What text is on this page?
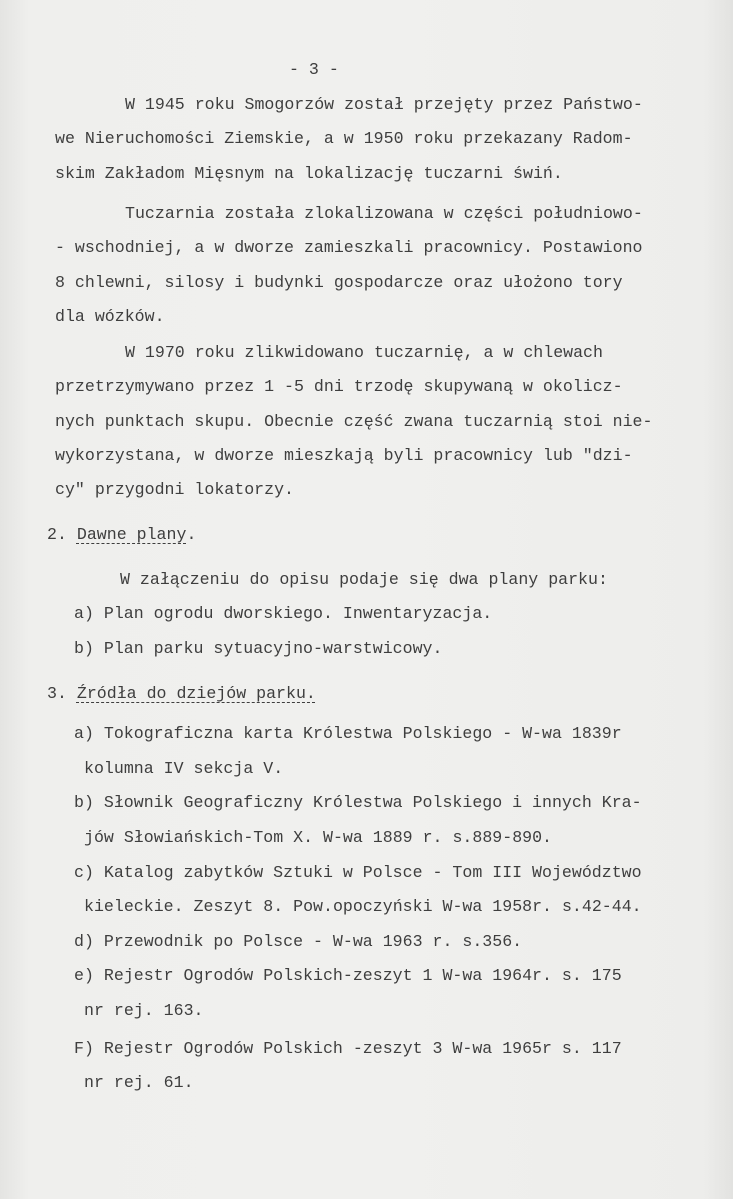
- 3 -
W 1945 roku Smogorzów został przejęty przez Państwo-
we Nieruchomości Ziemskie, a w 1950 roku przekazany Radom-
skim Zakładom Mięsnym na lokalizację tuczarni świń.
Tuczarnia została zlokalizowana w części południowo-
- wschodniej, a w dworze zamieszkali pracownicy. Postawiono
8 chlewni, silosy i budynki gospodarcze oraz ułożono tory
dla wózków.
W 1970 roku zlikwidowano tuczarnię, a w chlewach
przetrzymywano przez 1 -5 dni trzodę skupywaną w okolicz-
nych punktach skupu. Obecnie część zwana tuczarnią stoi nie-
wykorzystana, w dworze mieszkają byli pracownicy lub "dzi-
cy" przygodni lokatorzy.
2. Dawne plany.
W załączeniu do opisu podaje się dwa plany parku:
a) Plan ogrodu dworskiego. Inwentaryzacja.
b) Plan parku sytuacyjno-warstwicowy.
3. Źródła do dziejów parku.
a) Tokograficzna karta Królestwa Polskiego - W-wa 1839r
kolumna IV sekcja V.
b) Słownik Geograficzny Królestwa Polskiego i innych Kra-
jów Słowiańskich-Tom X. W-wa 1889 r. s.889-890.
c) Katalog zabytków Sztuki w Polsce - Tom III Województwo
kieleckie. Zeszyt 8. Pow.opoczyński W-wa 1958r. s.42-44.
d) Przewodnik po Polsce - W-wa 1963 r. s.356.
e) Rejestr Ogrodów Polskich-zeszyt 1 W-wa 1964r. s. 175
nr rej. 163.
F) Rejestr Ogrodów Polskich -zeszyt 3 W-wa 1965r s. 117
nr rej. 61.
